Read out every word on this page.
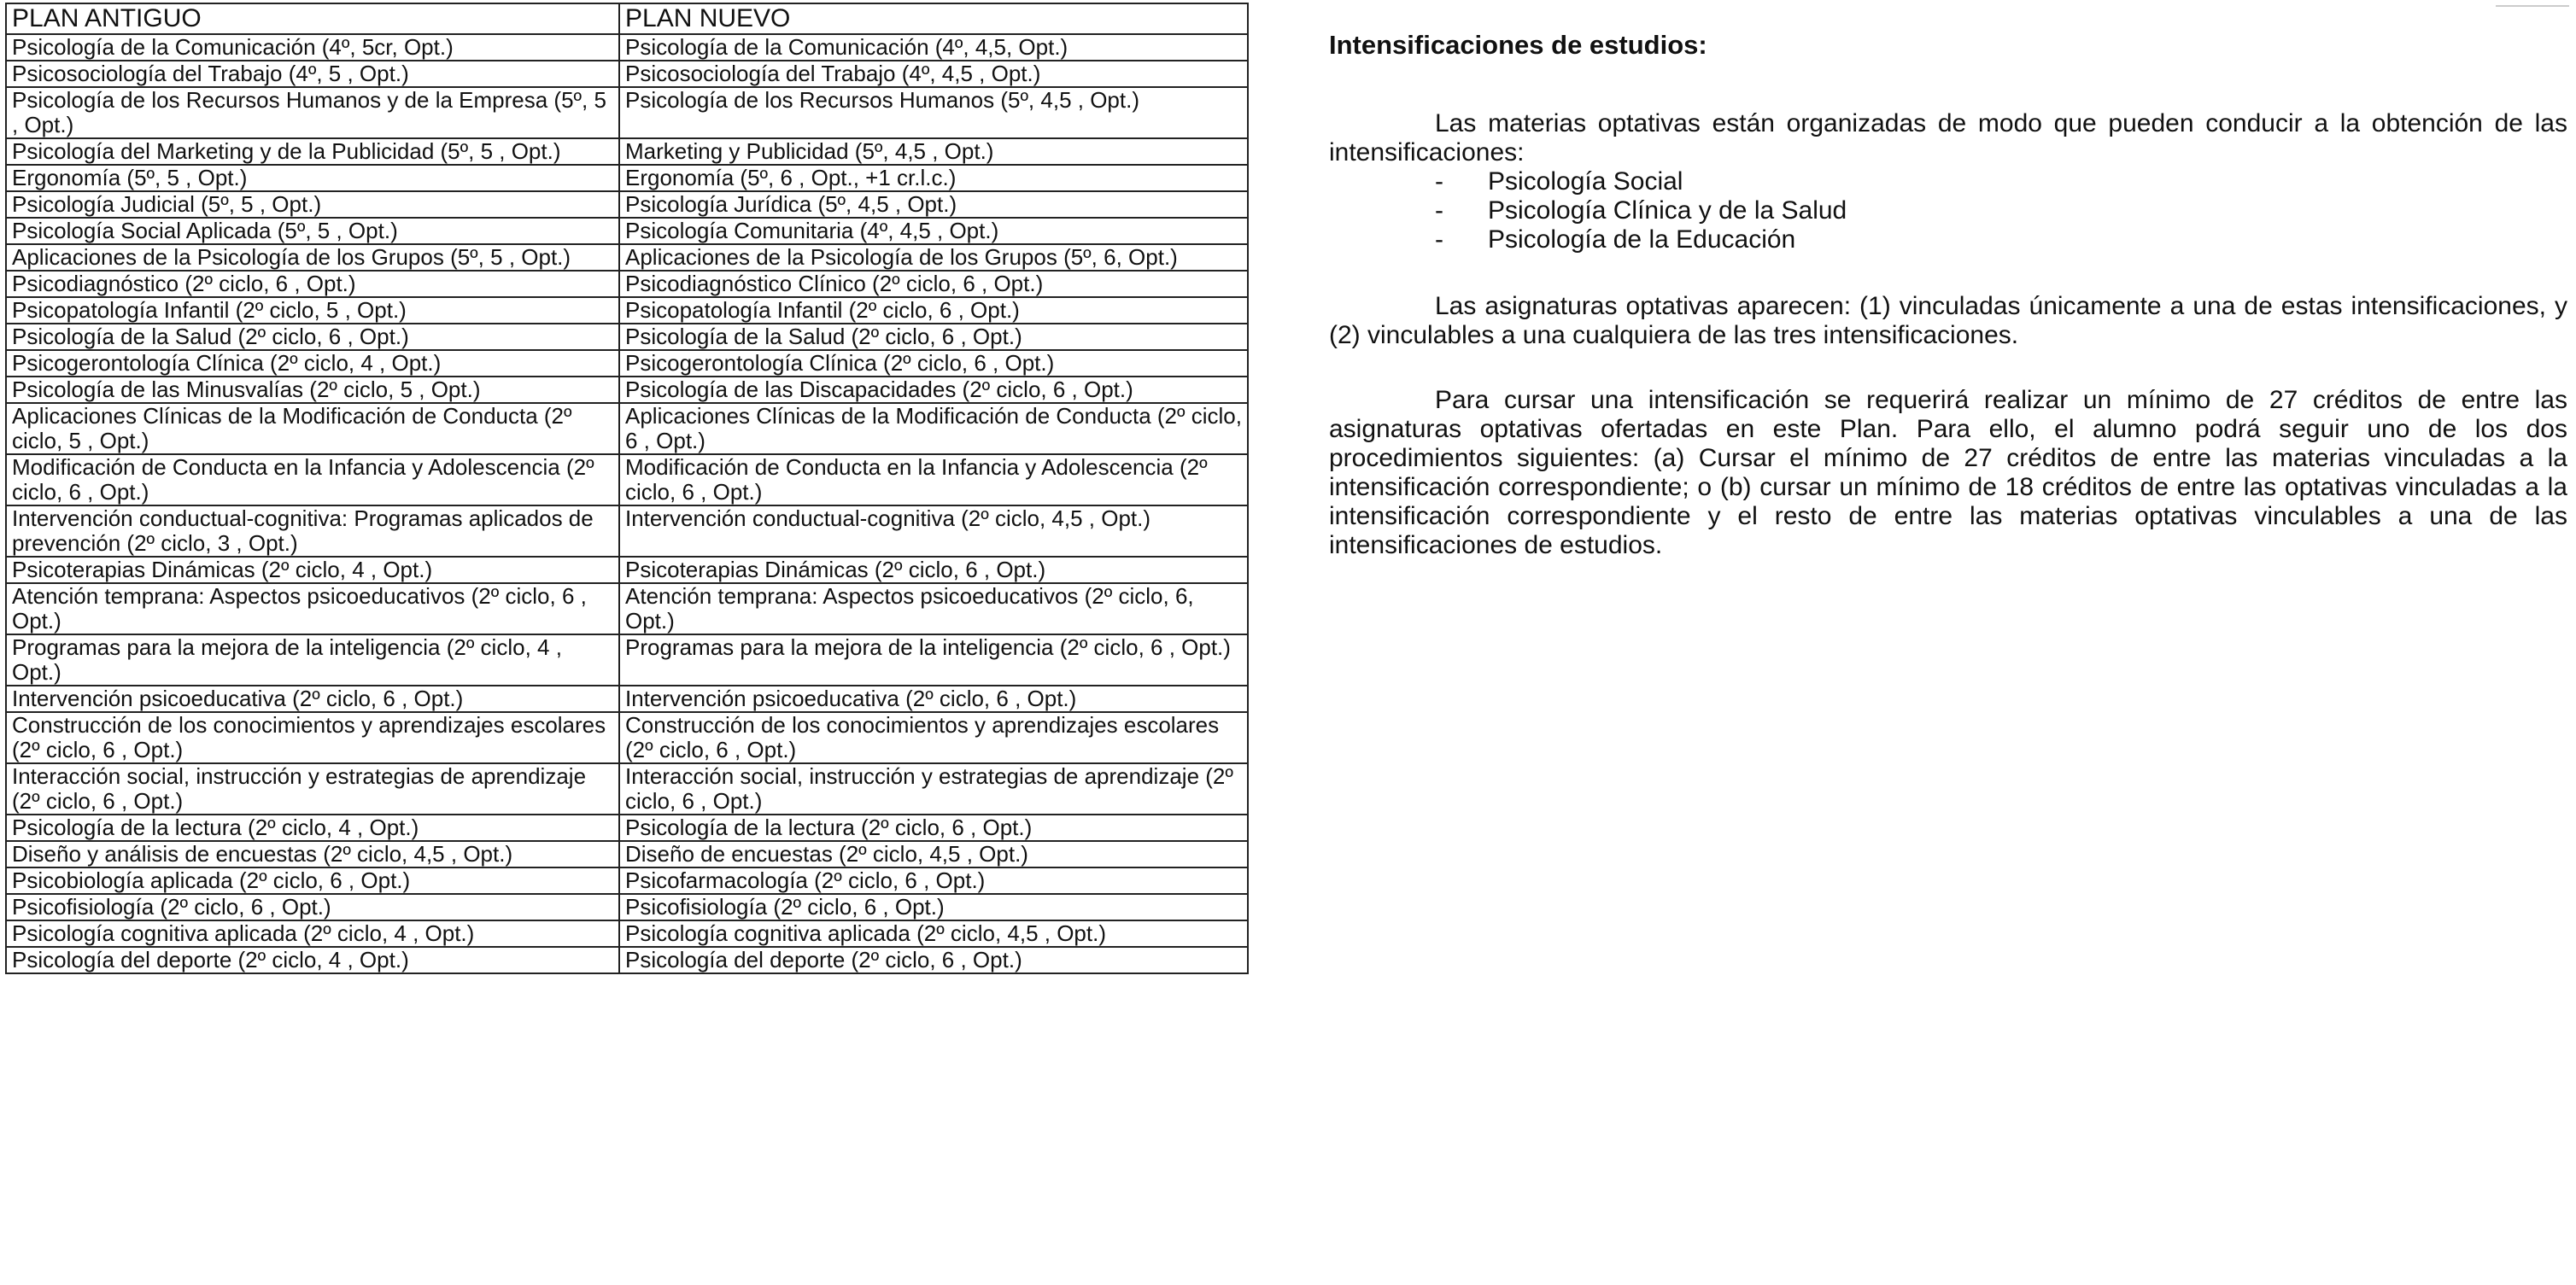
PLAN ANTIGUO	PLAN NUEVO
Psicología de la Comunicación (4º, 5cr, Opt.)	Psicología de la Comunicación (4º, 4,5, Opt.)
Psicosociología del Trabajo (4º, 5 , Opt.)	Psicosociología del Trabajo (4º, 4,5 , Opt.)
Psicología de los Recursos Humanos y de la Empresa (5º, 5 , Opt.)	Psicología de los Recursos Humanos (5º, 4,5 , Opt.)
Psicología del Marketing y de la Publicidad (5º, 5 , Opt.)	Marketing y Publicidad (5º, 4,5 , Opt.)
Ergonomía (5º, 5 , Opt.)	Ergonomía (5º, 6 , Opt., +1 cr.l.c.)
Psicología Judicial (5º, 5 , Opt.)	Psicología Jurídica (5º, 4,5 , Opt.)
Psicología Social Aplicada (5º, 5 , Opt.)	Psicología Comunitaria (4º, 4,5 , Opt.)
Aplicaciones de la Psicología de los Grupos (5º, 5 , Opt.)	Aplicaciones de la Psicología de los Grupos (5º, 6, Opt.)
Psicodiagnóstico (2º ciclo, 6 , Opt.)	Psicodiagnóstico Clínico (2º ciclo, 6 , Opt.)
Psicopatología Infantil (2º ciclo, 5 , Opt.)	Psicopatología Infantil (2º ciclo, 6 , Opt.)
Psicología de la Salud (2º ciclo, 6 , Opt.)	Psicología de la Salud (2º ciclo, 6 , Opt.)
Psicogerontología Clínica (2º ciclo, 4 , Opt.)	Psicogerontología Clínica (2º ciclo, 6 , Opt.)
Psicología de las Minusvalías (2º ciclo, 5 , Opt.)	Psicología de las Discapacidades (2º ciclo, 6 , Opt.)
Aplicaciones Clínicas de la Modificación de Conducta (2º ciclo, 5 , Opt.)	Aplicaciones Clínicas de la Modificación de Conducta (2º ciclo, 6 , Opt.)
Modificación de Conducta en la Infancia y Adolescencia (2º ciclo, 6 , Opt.)	Modificación de Conducta en la Infancia y Adolescencia (2º ciclo, 6 , Opt.)
Intervención conductual-cognitiva: Programas aplicados de prevención (2º ciclo, 3 , Opt.)	Intervención conductual-cognitiva (2º ciclo, 4,5 , Opt.)
Psicoterapias Dinámicas (2º ciclo, 4 , Opt.)	Psicoterapias Dinámicas (2º ciclo, 6 , Opt.)
Atención temprana: Aspectos psicoeducativos (2º ciclo, 6 , Opt.)	Atención temprana: Aspectos psicoeducativos (2º ciclo, 6, Opt.)
Programas para la mejora de la inteligencia (2º ciclo, 4 , Opt.)	Programas para la mejora de la inteligencia (2º ciclo, 6 , Opt.)
Intervención psicoeducativa (2º ciclo, 6 , Opt.)	Intervención psicoeducativa (2º ciclo, 6 , Opt.)
Construcción de los conocimientos y aprendizajes escolares (2º ciclo, 6 , Opt.)	Construcción de los conocimientos y aprendizajes escolares (2º ciclo, 6 , Opt.)
Interacción social, instrucción y estrategias de aprendizaje (2º ciclo, 6 , Opt.)	Interacción social, instrucción y estrategias de aprendizaje (2º ciclo, 6 , Opt.)
Psicología de la lectura (2º ciclo, 4 , Opt.)	Psicología de la lectura (2º ciclo, 6 , Opt.)
Diseño y análisis de encuestas (2º ciclo, 4,5 , Opt.)	Diseño de encuestas (2º ciclo, 4,5 , Opt.)
Psicobiología aplicada (2º ciclo, 6 , Opt.)	Psicofarmacología (2º ciclo, 6 , Opt.)
Psicofisiología (2º ciclo, 6 , Opt.)	Psicofisiología (2º ciclo, 6 , Opt.)
Psicología cognitiva aplicada (2º ciclo, 4 , Opt.)	Psicología cognitiva aplicada (2º ciclo, 4,5 , Opt.)
Psicología del deporte (2º ciclo, 4 , Opt.)	Psicología del deporte (2º ciclo, 6 , Opt.)
Intensificaciones de estudios:

Las materias optativas están organizadas de modo que pueden conducir a la obtención de las intensificaciones:

- Psicología Social
- Psicología Clínica y de la Salud
- Psicología de la Educación

Las asignaturas optativas aparecen: (1) vinculadas únicamente a una de estas intensificaciones, y (2) vinculables a una cualquiera de las tres intensificaciones.

Para cursar una intensificación se requerirá realizar un mínimo de 27 créditos de entre las asignaturas optativas ofertadas en este Plan. Para ello, el alumno podrá seguir uno de los dos procedimientos siguientes: (a) Cursar el mínimo de 27 créditos de entre las materias vinculadas a la intensificación correspondiente; o (b) cursar un mínimo de 18 créditos de entre las optativas vinculadas a la intensificación correspondiente y el resto de entre las materias optativas vinculables a una de las intensificaciones de estudios.
